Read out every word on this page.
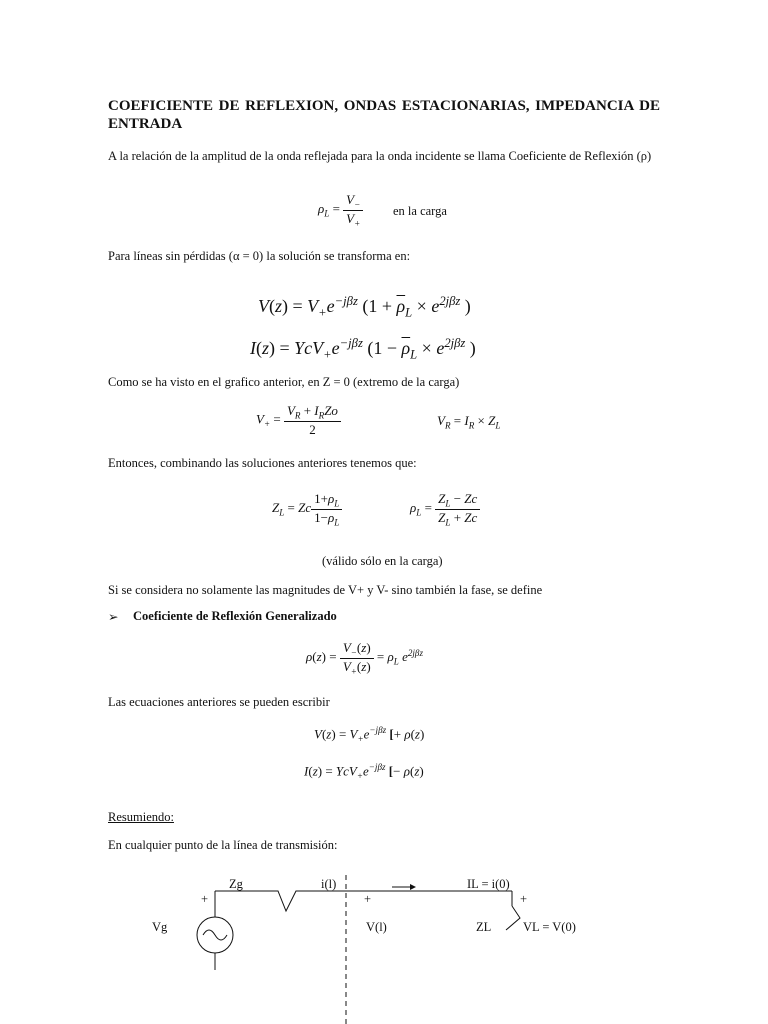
COEFICIENTE DE REFLEXION, ONDAS ESTACIONARIAS, IMPEDANCIA DE ENTRADA
A la relación de la amplitud de la onda reflejada para la onda incidente se llama Coeficiente de Reflexión (ρ)
$\rho_L = \frac{V_-}{V_+}$ en la carga
Para líneas sin pérdidas (α = 0) la solución se transforma en:
$V(z) = V_+e^{-j\beta z}$ ($1 + \overline{\rho}_L \times e^{2j\beta z}$ )
$I(z) = YcV_+e^{-j\beta z}$ ($1 - \overline{\rho}_L \times e^{2j\beta z}$ )
Como se ha visto en el grafico anterior, en Z = 0 (extremo de la carga)
$V_+ = \frac{V_R + I_RZo}{2}$	$V_R = I_R \times Z_L$
Entonces, combinando las soluciones anteriores tenemos que:
$Z_L = Zc \frac{1+\rho_L}{1-\rho_L}$	$\rho_L = \frac{Z_L - Zc}{Z_L + Zc}$
(válido sólo en la carga)
Si se considera no solamente las magnitudes de V+ y V- sino también la fase, se define
➢ Coeficiente de Reflexión Generalizado
$\rho(z) = \frac{V_-(z)}{V_+(z)} = \rho_L$ $e^{2j\beta z}$
Las ecuaciones anteriores se pueden escribir
$V(z) = V_+e^{-j\beta z}$ [+ ρ(z)
$I(z) = YcV_+e^{-j\beta z}$ [− ρ(z)
Resumiendo:
En cualquier punto de la línea de transmisión:
Zg	i(l)	IL = i(0)
+	+	+
Vg	V(l)	ZL	VL = V(0)
